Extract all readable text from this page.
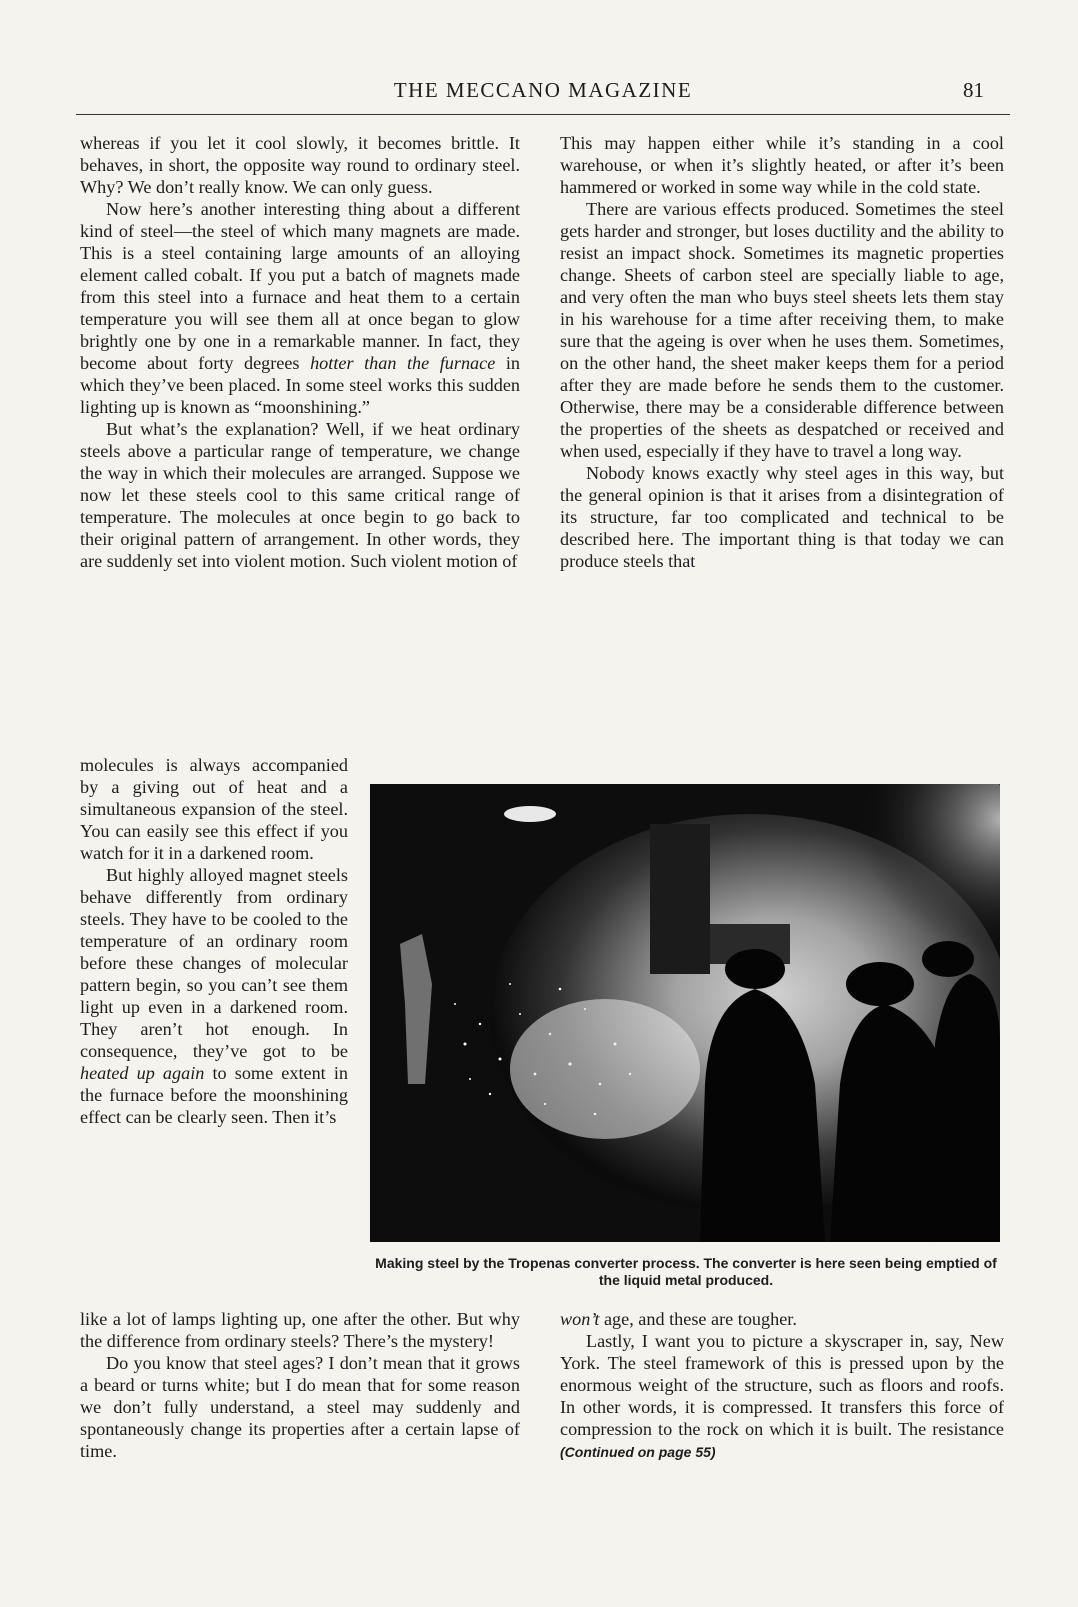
THE MECCANO MAGAZINE	81

whereas if you let it cool slowly, it becomes brittle. It behaves, in short, the opposite way round to ordinary steel. Why? We don’t really know. We can only guess.

Now here’s another interesting thing about a different kind of steel—the steel of which many magnets are made. This is a steel containing large amounts of an alloying element called cobalt. If you put a batch of magnets made from this steel into a furnace and heat them to a certain temperature you will see them all at once began to glow brightly one by one in a remarkable manner. In fact, they become about forty degrees hotter than the furnace in which they’ve been placed. In some steel works this sudden lighting up is known as “moonshining.”

But what’s the explanation? Well, if we heat ordinary steels above a particular range of temperature, we change the way in which their molecules are arranged. Suppose we now let these steels cool to this same critical range of temperature. The molecules at once begin to go back to their original pattern of arrangement. In other words, they are suddenly set into violent motion. Such violent motion of

molecules is always accompanied by a giving out of heat and a simultaneous expansion of the steel. You can easily see this effect if you watch for it in a darkened room.

But highly alloyed magnet steels behave differently from ordinary steels. They have to be cooled to the temperature of an ordinary room before these changes of molecular pattern begin, so you can’t see them light up even in a darkened room. They aren’t hot enough. In consequence, they’ve got to be heated up again to some extent in the furnace before the moonshining effect can be clearly seen. Then it’s

like a lot of lamps lighting up, one after the other. But why the difference from ordinary steels? There’s the mystery!

Do you know that steel ages? I don’t mean that it grows a beard or turns white; but I do mean that for some reason we don’t fully understand, a steel may suddenly and spontaneously change its properties after a certain lapse of time.

This may happen either while it’s standing in a cool warehouse, or when it’s slightly heated, or after it’s been hammered or worked in some way while in the cold state.

There are various effects produced. Sometimes the steel gets harder and stronger, but loses ductility and the ability to resist an impact shock. Sometimes its magnetic properties change. Sheets of carbon steel are specially liable to age, and very often the man who buys steel sheets lets them stay in his warehouse for a time after receiving them, to make sure that the ageing is over when he uses them. Sometimes, on the other hand, the sheet maker keeps them for a period after they are made before he sends them to the customer. Otherwise, there may be a considerable difference between the properties of the sheets as despatched or received and when used, especially if they have to travel a long way.

Nobody knows exactly why steel ages in this way, but the general opinion is that it arises from a disintegration of its structure, far too complicated and technical to be described here. The important thing is that today we can produce steels that

Making steel by the Tropenas converter process. The converter is here seen being emptied of the liquid metal produced.

won’t age, and these are tougher.

Lastly, I want you to picture a skyscraper in, say, New York. The steel framework of this is pressed upon by the enormous weight of the structure, such as floors and roofs. In other words, it is compressed. It transfers this force of compression to the rock on which it is built. The resistance (Continued on page 55)
